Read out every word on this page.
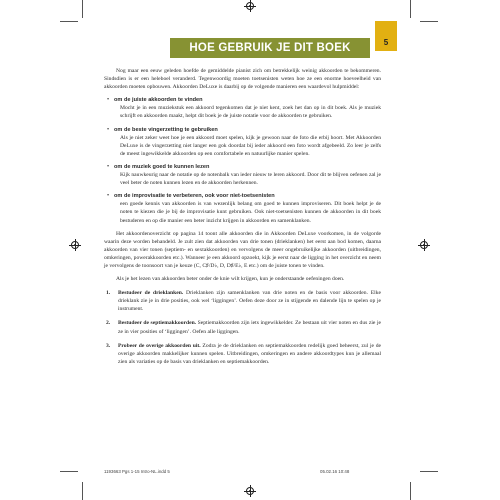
HOE GEBRUIK JE DIT BOEK	5

Nog maar een eeuw geleden hoefde de gemiddelde pianist zich om betrekkelijk weinig akkoorden te bekommeren. Sindsdien is er een heleboel veranderd. Tegenwoordig moeten toetsenisten weten hoe ze een enorme hoeveelheid van akkoorden moeten opbouwen. Akkoorden DeLuxe is daarbij op de volgende manieren een waardevol hulpmiddel:

• om de juiste akkoorden te vinden
Mocht je in een muziekstuk een akkoord tegenkomen dat je niet kent, zoek het dan op in dit boek. Als je muziek schrijft en akkoorden maakt, helpt dit boek je de juiste notatie voor de akkoorden te gebruiken.
• om de beste vingerzetting te gebruiken
Als je niet zeker weet hoe je een akkoord moet spelen, kijk je gewoon naar de foto die erbij hoort. Met Akkoorden DeLuxe is de vingerzetting niet langer een gok doordat bij ieder akkoord een foto wordt afgebeeld. Zo leer je zelfs de meest ingewikkelde akkoorden op een comfortabele en natuurlijke manier spelen.
• om de muziek goed te kunnen lezen
Kijk nauwkeurig naar de notatie op de notenbalk van ieder nieuw te leren akkoord. Door dit te blijven oefenen zal je veel beter de noten kunnen lezen en de akkoorden herkennen.
• om de improvisatie te verbeteren, ook voor niet-toetsenisten
een goede kennis van akkoorden is van wezenlijk belang om goed te kunnen improviseren. Dit boek helpt je de noten te kiezen die je bij de improvisatie kunt gebruiken. Ook niet-toetsenisten kunnen de akkoorden in dit boek bestuderen en op die manier een beter inzicht krijgen in akkoorden en samenklanken.

Het akkoordenoverzicht op pagina 14 toont alle akkoorden die in Akkoorden DeLuxe voorkomen, in de volgorde waarin deze worden behandeld. Je zult zien dat akkoorden van drie tonen (drieklanken) het eerst aan bod komen, daarna akkoorden van vier tonen (septiem- en sextakkoorden) en vervolgens de meer ongebruikelijke akkoorden (uitbreidingen, omkeringen, powerakkoorden etc.). Wanneer je een akkoord opzoekt, kijk je eerst naar de ligging in het overzicht en neem je vervolgens de toonsoort van je keuze (C, C♯/D♭, D, D♯/E♭, E etc.) om de juiste tonen te vinden.

Als je het lezen van akkoorden beter onder de knie wilt krijgen, kun je onderstaande oefeningen doen.

1. Bestudeer de drieklanken. Drieklanken zijn samenklanken van drie noten en de basis voor akkoorden. Elke drieklank zie je in drie posities, ook wel ‘liggingen’. Oefen deze door ze in stijgende en dalende lijn te spelen op je instrument.
2. Bestudeer de septiemakkoorden. Septiemakkoorden zijn iets ingewikkelder. Ze bestaan uit vier noten en dus zie je ze in vier posities of ‘liggingen’. Oefen alle liggingen.
3. Probeer de overige akkoorden uit. Zodra je de drieklanken en septiemakkoorden redelijk goed beheerst, zul je de overige akkoorden makkelijker kunnen spelen. Uitbreidingen, omkeringen en andere akkoordtypes kun je allemaal zien als variaties op de basis van drieklanken en septiemakkoorden.
1193663 Pgs 1-15 Intro-NL.indd 5	05.02.16 10:48
